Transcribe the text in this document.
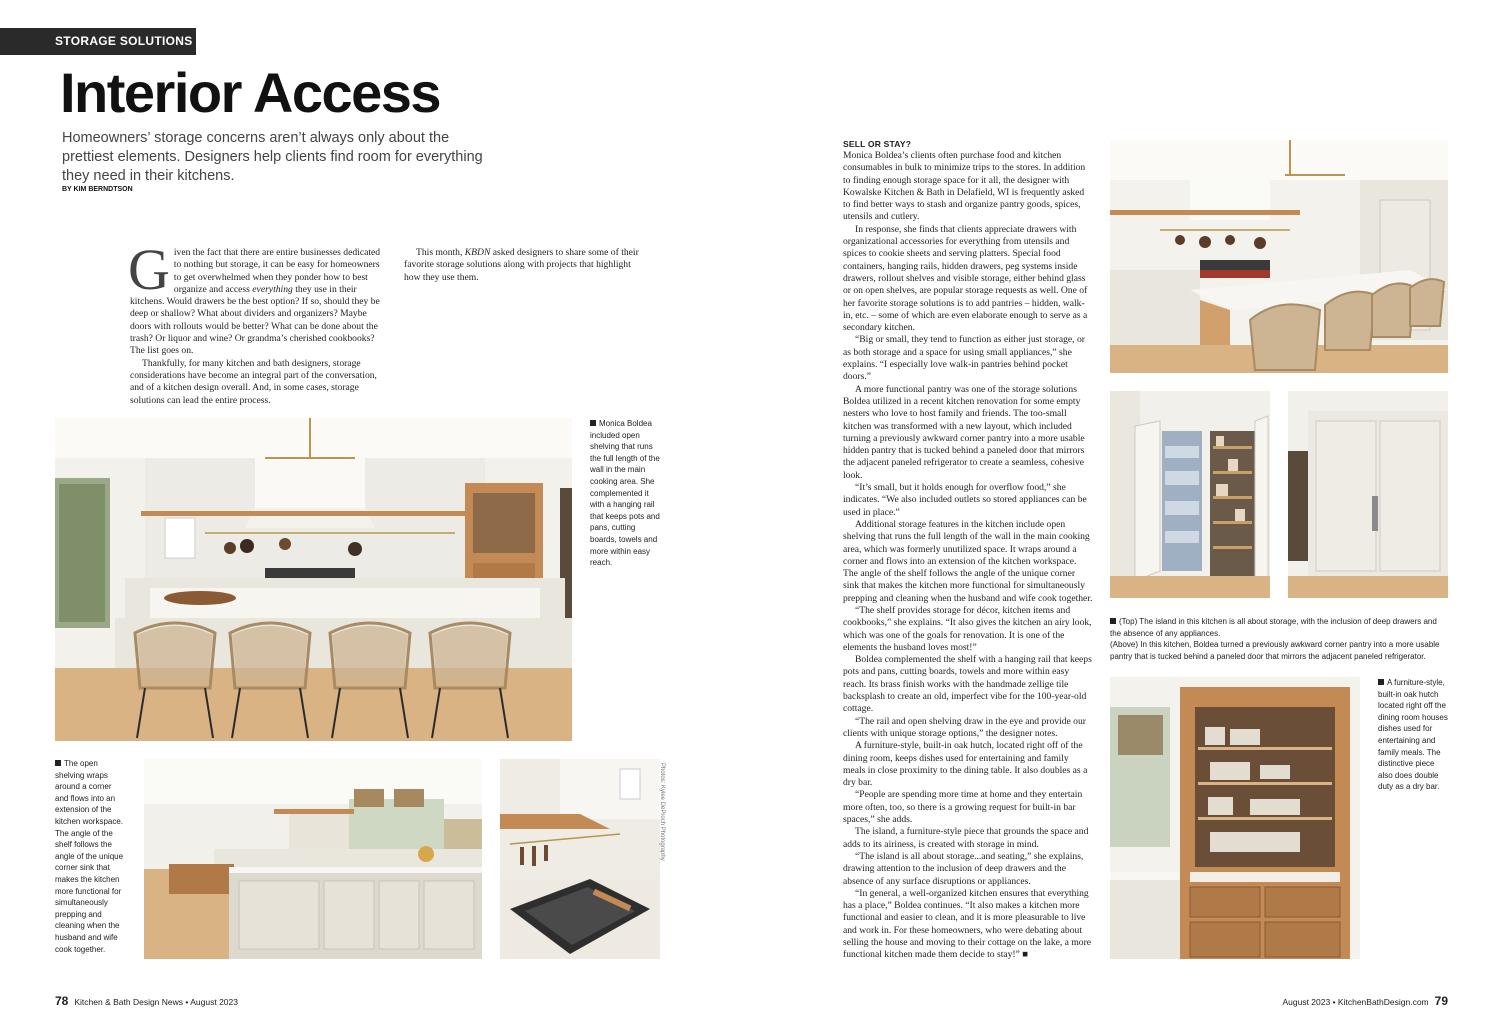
STORAGE SOLUTIONS
Interior Access
Homeowners’ storage concerns aren’t always only about the prettiest elements. Designers help clients find room for everything they need in their kitchens.
BY KIM BERNDTSON

Given the fact that there are entire businesses dedicated to nothing but storage, it can be easy for homeowners to get overwhelmed when they ponder how to best organize and access everything they use in their kitchens. Would drawers be the best option? If so, should they be deep or shallow? What about dividers and organizers? Maybe doors with rollouts would be better? What can be done about the trash? Or liquor and wine? Or grandma’s cherished cookbooks? The list goes on.

Thankfully, for many kitchen and bath designers, storage considerations have become an integral part of the conversation, and of a kitchen design overall. And, in some cases, storage solutions can lead the entire process.

This month, KBDN asked designers to share some of their favorite storage solutions along with projects that highlight how they use them.

SELL OR STAY?

Monica Boldea’s clients often purchase food and kitchen consumables in bulk to minimize trips to the stores. In addition to finding enough storage space for it all, the designer with Kowalske Kitchen & Bath in Delafield, WI is frequently asked to find better ways to stash and organize pantry goods, spices, utensils and cutlery.

In response, she finds that clients appreciate drawers with organizational accessories for everything from utensils and spices to cookie sheets and serving platters. Special food containers, hanging rails, hidden drawers, peg systems inside drawers, rollout shelves and visible storage, either behind glass or on open shelves, are popular storage requests as well. One of her favorite storage solutions is to add pantries – hidden, walk-in, etc. – some of which are even elaborate enough to serve as a secondary kitchen.

“Big or small, they tend to function as either just storage, or as both storage and a space for using small appliances,” she explains. “I especially love walk-in pantries behind pocket doors.”

A more functional pantry was one of the storage solutions Boldea utilized in a recent kitchen renovation for some empty nesters who love to host family and friends. The too-small kitchen was transformed with a new layout, which included turning a previously awkward corner pantry into a more usable hidden pantry that is tucked behind a paneled door that mirrors the adjacent paneled refrigerator to create a seamless, cohesive look.

“It’s small, but it holds enough for overflow food,” she indicates. “We also included outlets so stored appliances can be used in place.”

Additional storage features in the kitchen include open shelving that runs the full length of the wall in the main cooking area, which was formerly unutilized space. It wraps around a corner and flows into an extension of the kitchen workspace. The angle of the shelf follows the angle of the unique corner sink that makes the kitchen more functional for simultaneously prepping and cleaning when the husband and wife cook together.

“The shelf provides storage for décor, kitchen items and cookbooks,” she explains. “It also gives the kitchen an airy look, which was one of the goals for renovation. It is one of the elements the husband loves most!”

Boldea complemented the shelf with a hanging rail that keeps pots and pans, cutting boards, towels and more within easy reach. Its brass finish works with the handmade zellige tile backsplash to create an old, imperfect vibe for the 100-year-old cottage.

“The rail and open shelving draw in the eye and provide our clients with unique storage options,” the designer notes.

A furniture-style, built-in oak hutch, located right off of the dining room, keeps dishes used for entertaining and family meals in close proximity to the dining table. It also doubles as a dry bar.

“People are spending more time at home and they entertain more often, too, so there is a growing request for built-in bar spaces,” she adds.

The island, a furniture-style piece that grounds the space and adds to its airiness, is created with storage in mind.

“The island is all about storage...and seating,” she explains, drawing attention to the inclusion of deep drawers and the absence of any surface disruptions or appliances.

“In general, a well-organized kitchen ensures that everything has a place,” Boldea continues. “It also makes a kitchen more functional and easier to clean, and it is more pleasurable to live and work in. For these homeowners, who were debating about selling the house and moving to their cottage on the lake, a more functional kitchen made them decide to stay!” ■

Monica Boldea included open shelving that runs the full length of the wall in the main cooking area. She complemented it with a hanging rail that keeps pots and pans, cutting boards, towels and more within easy reach.
The open shelving wraps around a corner and flows into an extension of the kitchen workspace. The angle of the shelf follows the angle of the unique corner sink that makes the kitchen more functional for simultaneously prepping and cleaning when the husband and wife cook together.
Photos: Kylee DeProch Photography
(Top) The island in this kitchen is all about storage, with the inclusion of deep drawers and the absence of any appliances.
(Above) In this kitchen, Boldea turned a previously awkward corner pantry into a more usable pantry that is tucked behind a paneled door that mirrors the adjacent paneled refrigerator.
A furniture-style, built-in oak hutch located right off the dining room houses dishes used for entertaining and family meals. The distinctive piece also does double duty as a dry bar.
78 Kitchen & Bath Design News • August 2023	August 2023 • KitchenBathDesign.com 79
